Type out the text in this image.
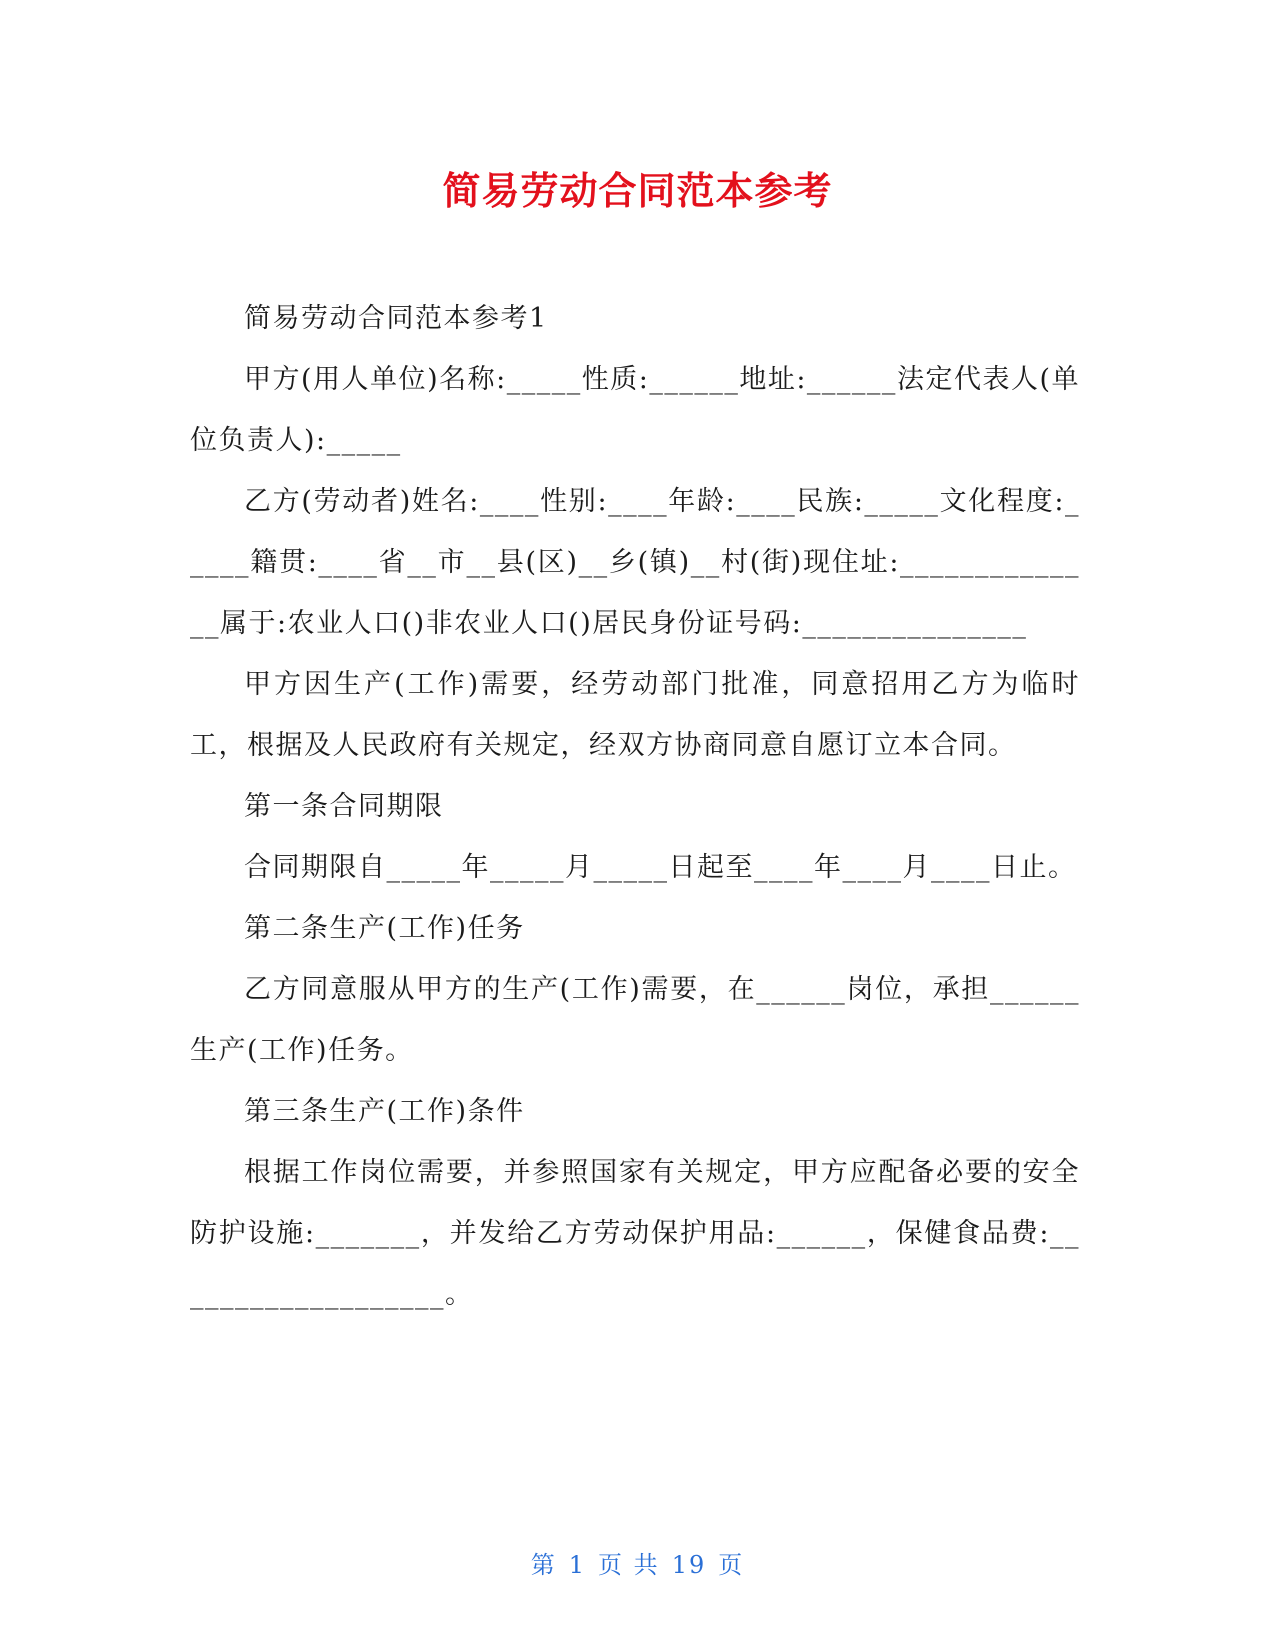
简易劳动合同范本参考

简易劳动合同范本参考1

甲方(用人单位)名称:_____性质:______地址:______法定代表人(单位负责人):_____

乙方(劳动者)姓名:____性别:____年龄:____民族:_____文化程度:_____籍贯:____省__市__县(区)__乡(镇)__村(街)现住址:______________属于:农业人口()非农业人口()居民身份证号码:_______________

甲方因生产(工作)需要，经劳动部门批准，同意招用乙方为临时工，根据及人民政府有关规定，经双方协商同意自愿订立本合同。

第一条合同期限

合同期限自_____年_____月_____日起至____年____月____日止。

第二条生产(工作)任务

乙方同意服从甲方的生产(工作)需要，在______岗位，承担______生产(工作)任务。

第三条生产(工作)条件

根据工作岗位需要，并参照国家有关规定，甲方应配备必要的安全防护设施:_______，并发给乙方劳动保护用品:______，保健食品费:___________________。

第 1 页 共 19 页
